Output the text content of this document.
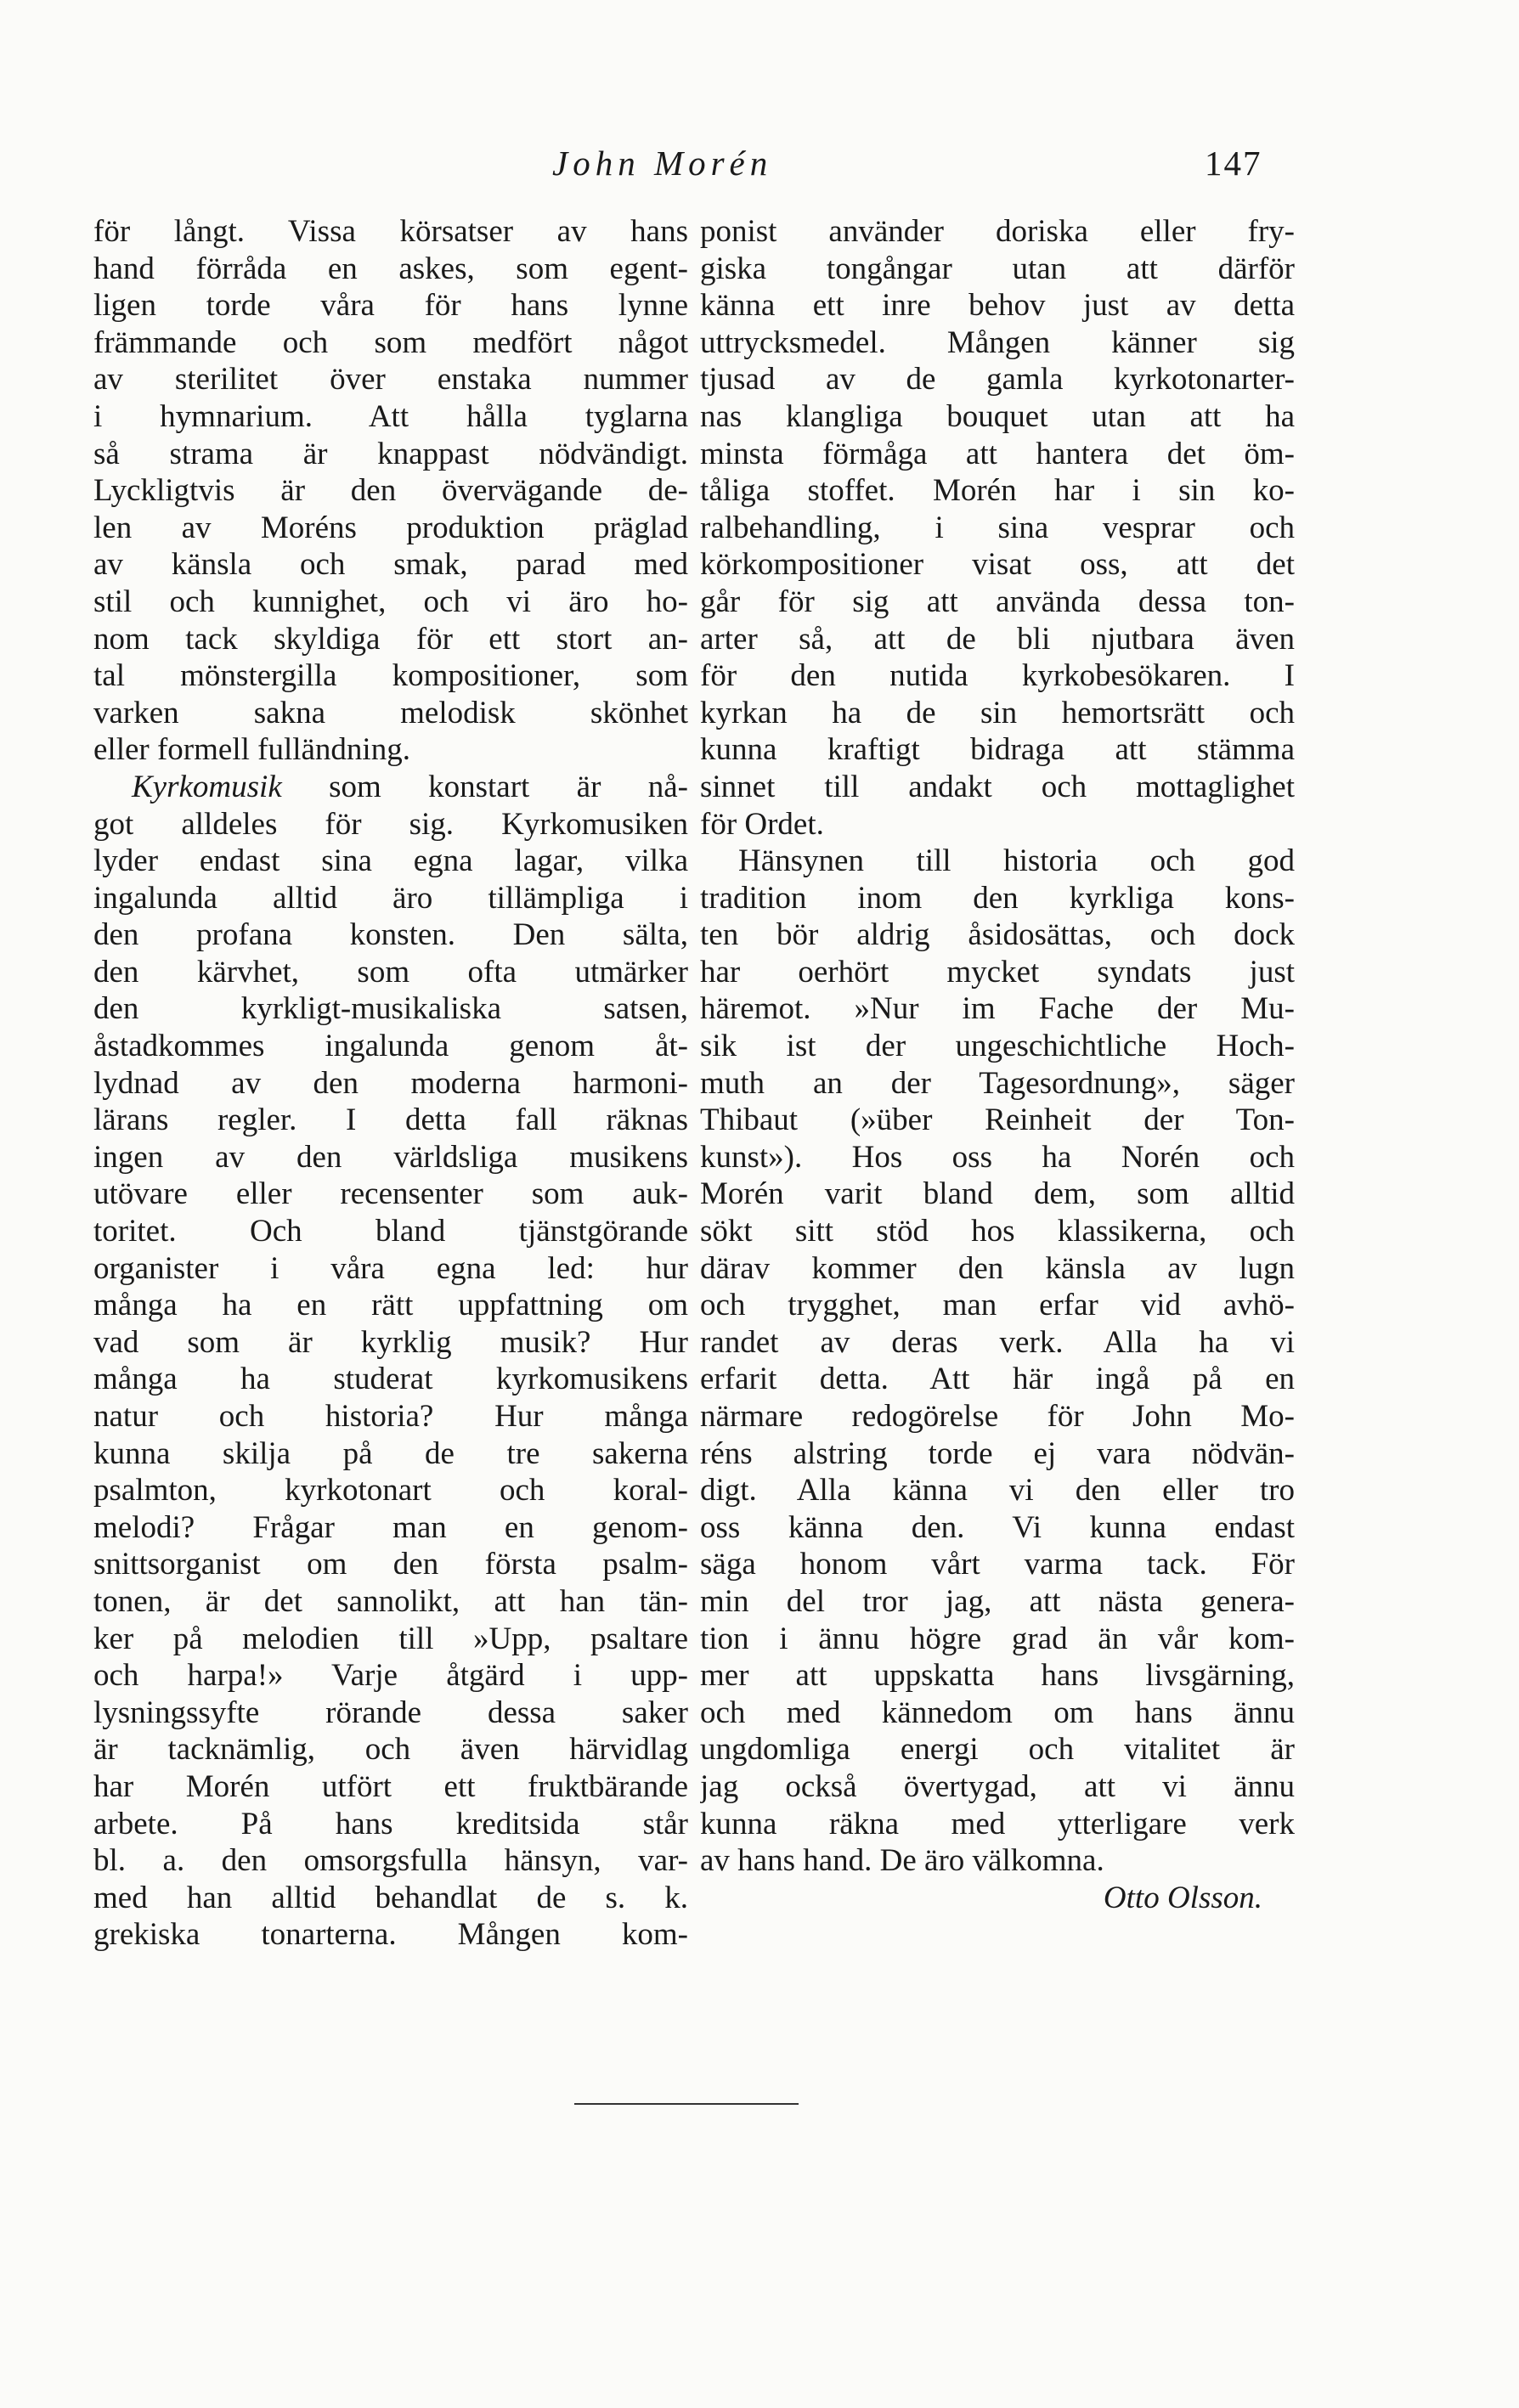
John Morén	147
för långt. Vissa körsatser av hans
hand förråda en askes, som egent-
ligen torde våra för hans lynne
främmande och som medfört något
av sterilitet över enstaka nummer
i hymnarium. Att hålla tyglarna
så strama är knappast nödvändigt.
Lyckligtvis är den övervägande de-
len av Moréns produktion präglad
av känsla och smak, parad med
stil och kunnighet, och vi äro ho-
nom tack skyldiga för ett stort an-
tal mönstergilla kompositioner, som
varken sakna melodisk skönhet
eller formell fulländning.
Kyrkomusik som konstart är nå-
got alldeles för sig. Kyrkomusiken
lyder endast sina egna lagar, vilka
ingalunda alltid äro tillämpliga i
den profana konsten. Den sälta,
den kärvhet, som ofta utmärker
den kyrkligt-musikaliska satsen,
åstadkommes ingalunda genom åt-
lydnad av den moderna harmoni-
lärans regler. I detta fall räknas
ingen av den världsliga musikens
utövare eller recensenter som auk-
toritet. Och bland tjänstgörande
organister i våra egna led: hur
många ha en rätt uppfattning om
vad som är kyrklig musik? Hur
många ha studerat kyrkomusikens
natur och historia? Hur många
kunna skilja på de tre sakerna
psalmton, kyrkotonart och koral-
melodi? Frågar man en genom-
snittsorganist om den första psalm-
tonen, är det sannolikt, att han tän-
ker på melodien till »Upp, psaltare
och harpa!» Varje åtgärd i upp-
lysningssyfte rörande dessa saker
är tacknämlig, och även härvidlag
har Morén utfört ett fruktbärande
arbete. På hans kreditsida står
bl. a. den omsorgsfulla hänsyn, var-
med han alltid behandlat de s. k.
grekiska tonarterna. Mången kom-
ponist använder doriska eller fry-
giska tongångar utan att därför
känna ett inre behov just av detta
uttrycksmedel. Mången känner sig
tjusad av de gamla kyrkotonarter-
nas klangliga bouquet utan att ha
minsta förmåga att hantera det öm-
tåliga stoffet. Morén har i sin ko-
ralbehandling, i sina vesprar och
körkompositioner visat oss, att det
går för sig att använda dessa ton-
arter så, att de bli njutbara även
för den nutida kyrkobesökaren. I
kyrkan ha de sin hemortsrätt och
kunna kraftigt bidraga att stämma
sinnet till andakt och mottaglighet
för Ordet.
Hänsynen till historia och god
tradition inom den kyrkliga kons-
ten bör aldrig åsidosättas, och dock
har oerhört mycket syndats just
häremot. »Nur im Fache der Mu-
sik ist der ungeschichtliche Hoch-
muth an der Tagesordnung», säger
Thibaut (»über Reinheit der Ton-
kunst»). Hos oss ha Norén och
Morén varit bland dem, som alltid
sökt sitt stöd hos klassikerna, och
därav kommer den känsla av lugn
och trygghet, man erfar vid avhö-
randet av deras verk. Alla ha vi
erfarit detta. Att här ingå på en
närmare redogörelse för John Mo-
réns alstring torde ej vara nödvän-
digt. Alla känna vi den eller tro
oss känna den. Vi kunna endast
säga honom vårt varma tack. För
min del tror jag, att nästa genera-
tion i ännu högre grad än vår kom-
mer att uppskatta hans livsgärning,
och med kännedom om hans ännu
ungdomliga energi och vitalitet är
jag också övertygad, att vi ännu
kunna räkna med ytterligare verk
av hans hand. De äro välkomna.
Otto Olsson.
